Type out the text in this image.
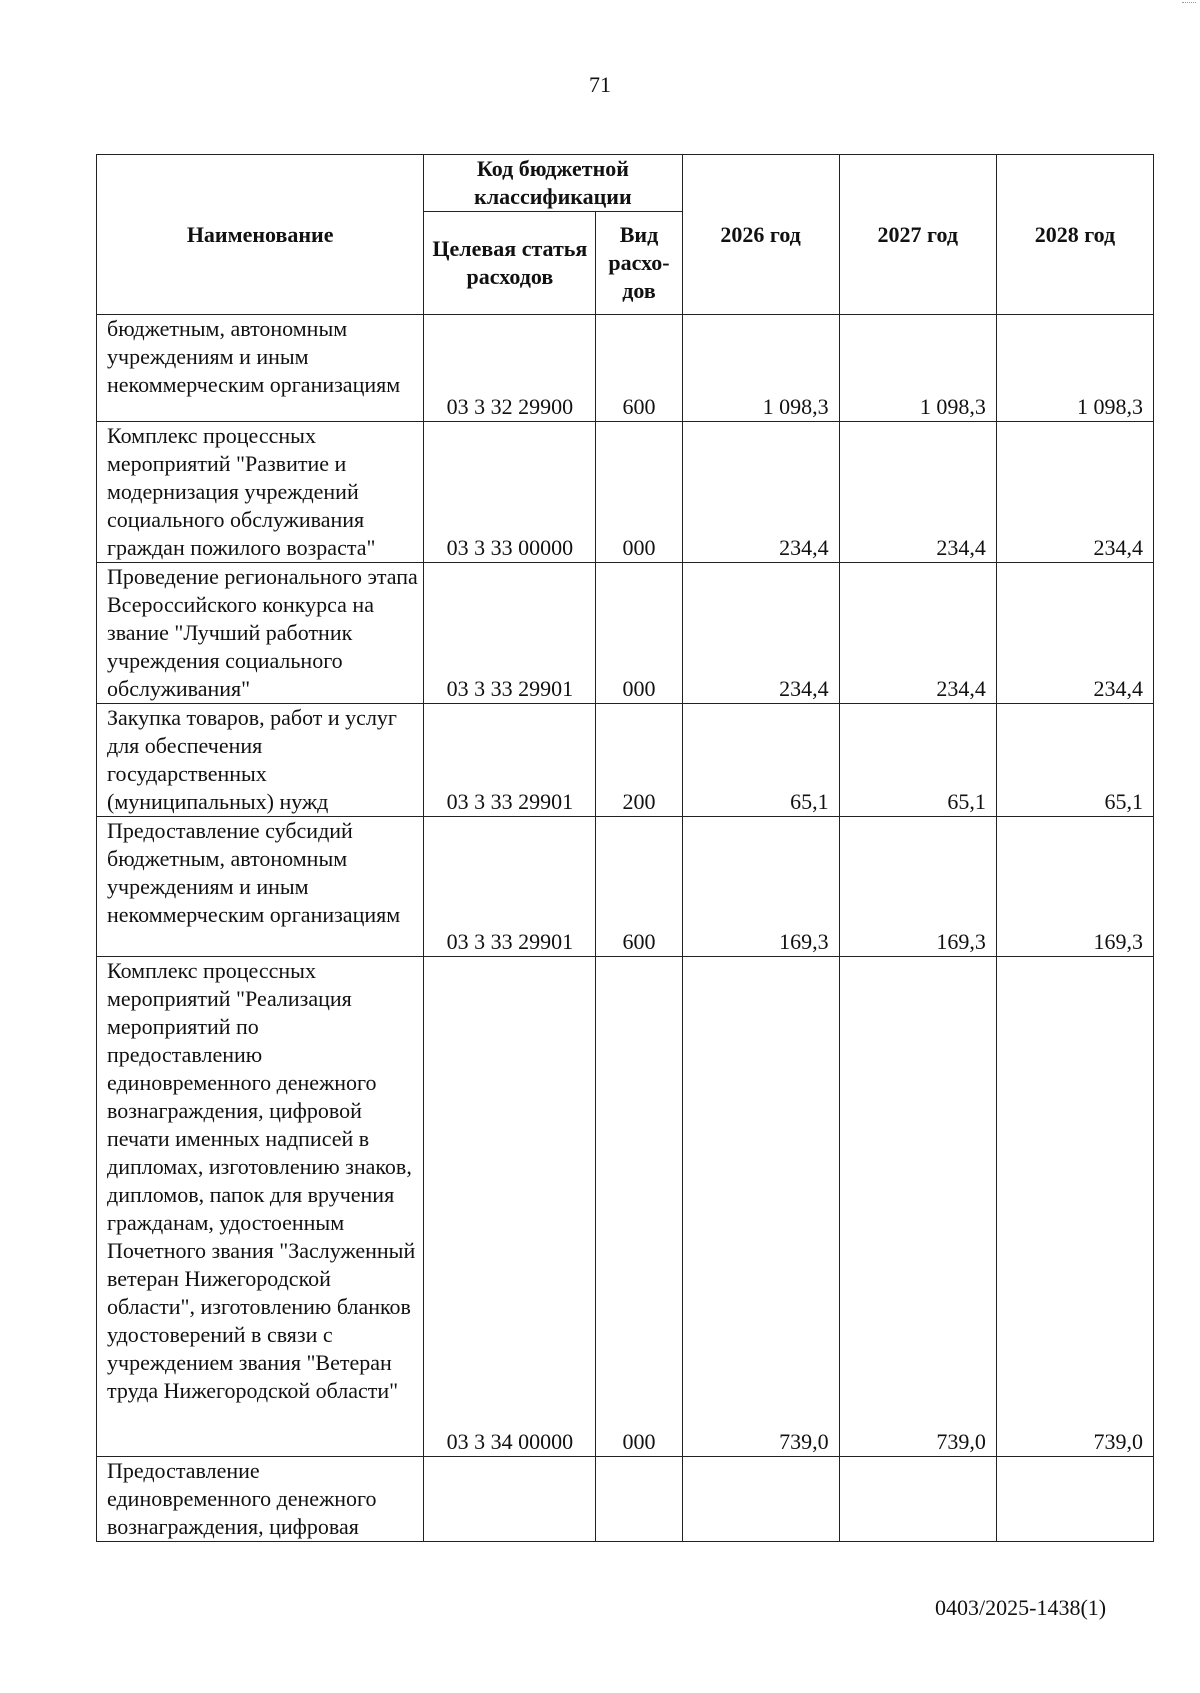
71
Наименование	Код бюджетной классификации		2026 год	2027 год	2028 год
	Целевая статья расходов	Вид расхо-дов			
бюджетным, автономным учреждениям и иным некоммерческим организациям	03 3 32 29900	600	1 098,3	1 098,3	1 098,3
Комплекс процессных мероприятий "Развитие и модернизация учреждений социального обслуживания граждан пожилого возраста"	03 3 33 00000	000	234,4	234,4	234,4
Проведение регионального этапа Всероссийского конкурса на звание "Лучший работник учреждения социального обслуживания"	03 3 33 29901	000	234,4	234,4	234,4
Закупка товаров, работ и услуг для обеспечения государственных (муниципальных) нужд	03 3 33 29901	200	65,1	65,1	65,1
Предоставление субсидий бюджетным, автономным учреждениям и иным некоммерческим организациям	03 3 33 29901	600	169,3	169,3	169,3
Комплекс процессных мероприятий "Реализация мероприятий по предоставлению единовременного денежного вознаграждения, цифровой печати именных надписей в дипломах, изготовлению знаков, дипломов, папок для вручения гражданам, удостоенным Почетного звания "Заслуженный ветеран Нижегородской области", изготовлению бланков удостоверений в связи с учреждением звания "Ветеран труда Нижегородской области"	03 3 34 00000	000	739,0	739,0	739,0
Предоставление единовременного денежного вознаграждения, цифровая					
0403/2025-1438(1)
